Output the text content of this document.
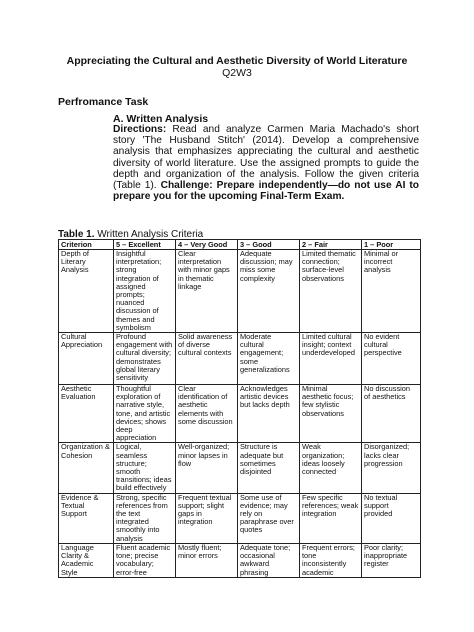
Appreciating the Cultural and Aesthetic Diversity of World Literature
Q2W3
Perfromance Task
A. Written Analysis
Directions: Read and analyze Carmen Maria Machado's short story 'The Husband Stitch' (2014). Develop a comprehensive analysis that emphasizes appreciating the cultural and aesthetic diversity of world literature. Use the assigned prompts to guide the depth and organization of the analysis. Follow the given criteria (Table 1). Challenge: Prepare independently—do not use AI to prepare you for the upcoming Final-Term Exam.
Table 1. Written Analysis Criteria
Criterion	5 – Excellent	4 – Very Good	3 – Good	2 – Fair	1 – Poor
Depth of Literary Analysis	Insightful interpretation; strong integration of assigned prompts; nuanced discussion of themes and symbolism	Clear interpretation with minor gaps in thematic linkage	Adequate discussion; may miss some complexity	Limited thematic connection; surface-level observations	Minimal or incorrect analysis
Cultural Appreciation	Profound engagement with cultural diversity; demonstrates global literary sensitivity	Solid awareness of diverse cultural contexts	Moderate cultural engagement; some generalizations	Limited cultural insight; context underdeveloped	No evident cultural perspective
Aesthetic Evaluation	Thoughtful exploration of narrative style, tone, and artistic devices; shows deep appreciation	Clear identification of aesthetic elements with some discussion	Acknowledges artistic devices but lacks depth	Minimal aesthetic focus; few stylistic observations	No discussion of aesthetics
Organization & Cohesion	Logical, seamless structure; smooth transitions; ideas build effectively	Well-organized; minor lapses in flow	Structure is adequate but sometimes disjointed	Weak organization; ideas loosely connected	Disorganized; lacks clear progression
Evidence & Textual Support	Strong, specific references from the text integrated smoothly into analysis	Frequent textual support; slight gaps in integration	Some use of evidence; may rely on paraphrase over quotes	Few specific references; weak integration	No textual support provided
Language Clarity & Academic Style	Fluent academic tone; precise vocabulary; error-free	Mostly fluent; minor errors	Adequate tone; occasional awkward phrasing	Frequent errors; tone inconsistently academic	Poor clarity; inappropriate register
